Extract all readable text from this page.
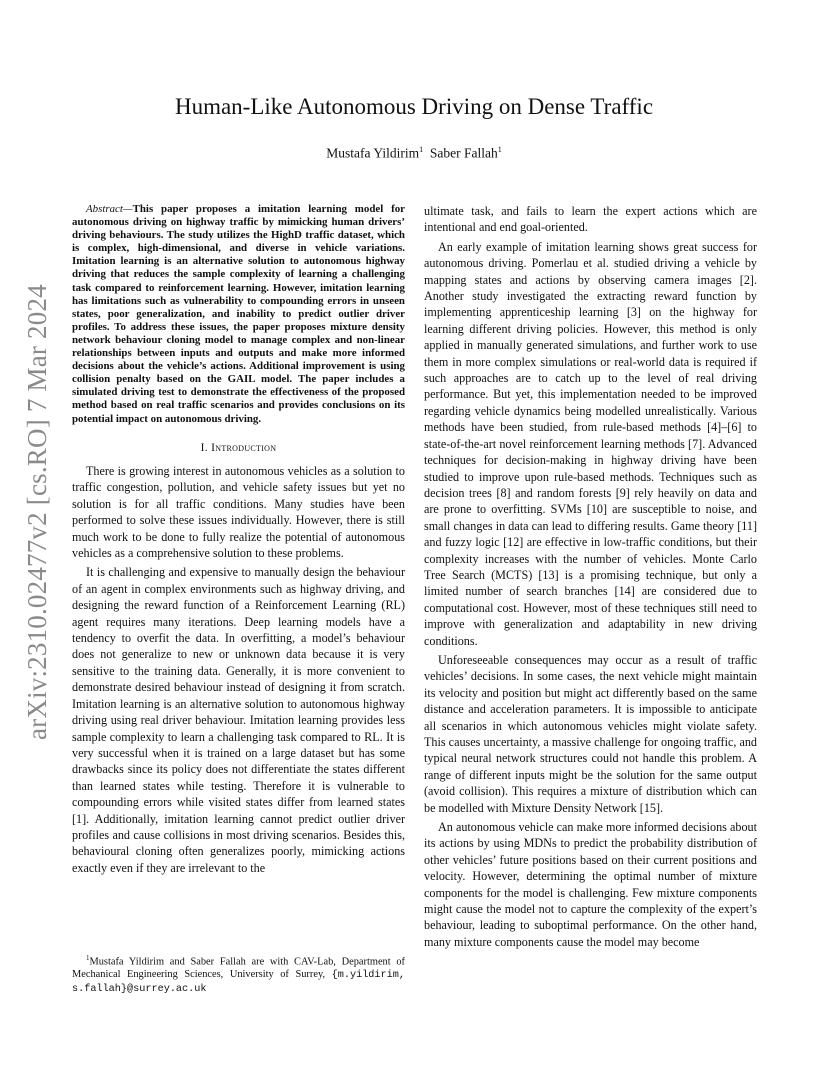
arXiv:2310.02477v2 [cs.RO] 7 Mar 2024
Human-Like Autonomous Driving on Dense Traffic
Mustafa Yildirim$^1$ Saber Fallah$^1$

Abstract—This paper proposes a imitation learning model for autonomous driving on highway traffic by mimicking human drivers’ driving behaviours. The study utilizes the HighD traffic dataset, which is complex, high-dimensional, and diverse in vehicle variations. Imitation learning is an alternative solution to autonomous highway driving that reduces the sample complexity of learning a challenging task compared to reinforcement learning. However, imitation learning has limitations such as vulnerability to compounding errors in unseen states, poor generalization, and inability to predict outlier driver profiles. To address these issues, the paper proposes mixture density network behaviour cloning model to manage complex and non-linear relationships between inputs and outputs and make more informed decisions about the vehicle’s actions. Additional improvement is using collision penalty based on the GAIL model. The paper includes a simulated driving test to demonstrate the effectiveness of the proposed method based on real traffic scenarios and provides conclusions on its potential impact on autonomous driving.

I. Introduction

There is growing interest in autonomous vehicles as a solution to traffic congestion, pollution, and vehicle safety issues but yet no solution is for all traffic conditions. Many studies have been performed to solve these issues individually. However, there is still much work to be done to fully realize the potential of autonomous vehicles as a comprehensive solution to these problems.

It is challenging and expensive to manually design the behaviour of an agent in complex environments such as highway driving, and designing the reward function of a Reinforcement Learning (RL) agent requires many iterations. Deep learning models have a tendency to overfit the data. In overfitting, a model’s behaviour does not generalize to new or unknown data because it is very sensitive to the training data. Generally, it is more convenient to demonstrate desired behaviour instead of designing it from scratch. Imitation learning is an alternative solution to autonomous highway driving using real driver behaviour. Imitation learning provides less sample complexity to learn a challenging task compared to RL. It is very successful when it is trained on a large dataset but has some drawbacks since its policy does not differentiate the states different than learned states while testing. Therefore it is vulnerable to compounding errors while visited states differ from learned states [1]. Additionally, imitation learning cannot predict outlier driver profiles and cause collisions in most driving scenarios. Besides this, behavioural cloning often generalizes poorly, mimicking actions exactly even if they are irrelevant to the

$^1$Mustafa Yildirim and Saber Fallah are with CAV-Lab, Department of Mechanical Engineering Sciences, University of Surrey, {m.yildirim, s.fallah}@surrey.ac.uk

ultimate task, and fails to learn the expert actions which are intentional and end goal-oriented.

An early example of imitation learning shows great success for autonomous driving. Pomerlau et al. studied driving a vehicle by mapping states and actions by observing camera images [2]. Another study investigated the extracting reward function by implementing apprenticeship learning [3] on the highway for learning different driving policies. However, this method is only applied in manually generated simulations, and further work to use them in more complex simulations or real-world data is required if such approaches are to catch up to the level of real driving performance. But yet, this implementation needed to be improved regarding vehicle dynamics being modelled unrealistically. Various methods have been studied, from rule-based methods [4]–[6] to state-of-the-art novel reinforcement learning methods [7]. Advanced techniques for decision-making in highway driving have been studied to improve upon rule-based methods. Techniques such as decision trees [8] and random forests [9] rely heavily on data and are prone to overfitting. SVMs [10] are susceptible to noise, and small changes in data can lead to differing results. Game theory [11] and fuzzy logic [12] are effective in low-traffic conditions, but their complexity increases with the number of vehicles. Monte Carlo Tree Search (MCTS) [13] is a promising technique, but only a limited number of search branches [14] are considered due to computational cost. However, most of these techniques still need to improve with generalization and adaptability in new driving conditions.

Unforeseeable consequences may occur as a result of traffic vehicles’ decisions. In some cases, the next vehicle might maintain its velocity and position but might act differently based on the same distance and acceleration parameters. It is impossible to anticipate all scenarios in which autonomous vehicles might violate safety. This causes uncertainty, a massive challenge for ongoing traffic, and typical neural network structures could not handle this problem. A range of different inputs might be the solution for the same output (avoid collision). This requires a mixture of distribution which can be modelled with Mixture Density Network [15].

An autonomous vehicle can make more informed decisions about its actions by using MDNs to predict the probability distribution of other vehicles’ future positions based on their current positions and velocity. However, determining the optimal number of mixture components for the model is challenging. Few mixture components might cause the model not to capture the complexity of the expert’s behaviour, leading to suboptimal performance. On the other hand, many mixture components cause the model may become
